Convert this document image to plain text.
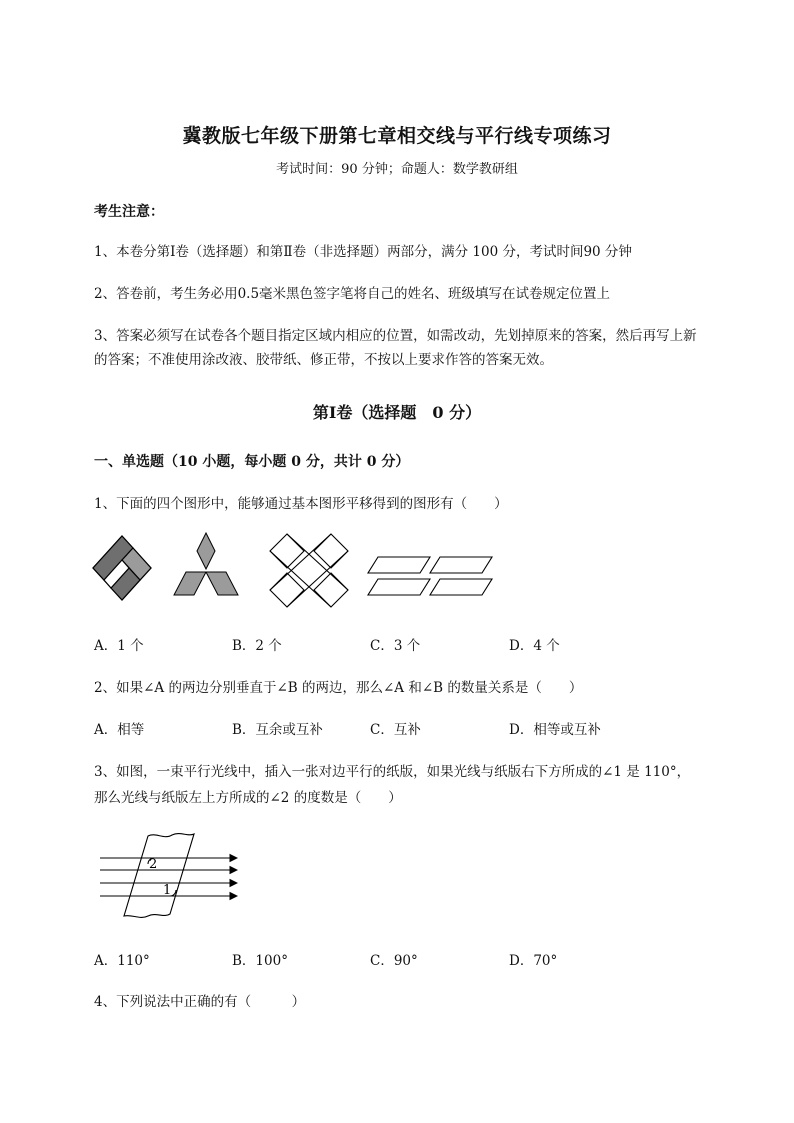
冀教版七年级下册第七章相交线与平行线专项练习
考试时间：90 分钟；命题人：数学教研组
考生注意：
1、本卷分第Ⅰ卷（选择题）和第Ⅱ卷（非选择题）两部分，满分 100 分，考试时间90 分钟
2、答卷前，考生务必用0.5毫米黑色签字笔将自己的姓名、班级填写在试卷规定位置上
3、答案必须写在试卷各个题目指定区域内相应的位置，如需改动，先划掉原来的答案，然后再写上新的答案；不准使用涂改液、胶带纸、修正带，不按以上要求作答的答案无效。
第Ⅰ卷（选择题　0 分）
一、单选题（10 小题，每小题 0 分，共计 0 分）
1、下面的四个图形中，能够通过基本图形平移得到的图形有（　　）
A．1 个	B．2 个	C．3 个	D．4 个
2、如果∠A 的两边分别垂直于∠B 的两边，那么∠A 和∠B 的数量关系是（　　）
A．相等	B．互余或互补	C．互补	D．相等或互补
3、如图，一束平行光线中，插入一张对边平行的纸版，如果光线与纸版右下方所成的∠1 是 110°，
那么光线与纸版左上方所成的∠2 的度数是（　　）
2
1
A．110°	B．100°	C．90°	D．70°
4、下列说法中正确的有（　　　）
